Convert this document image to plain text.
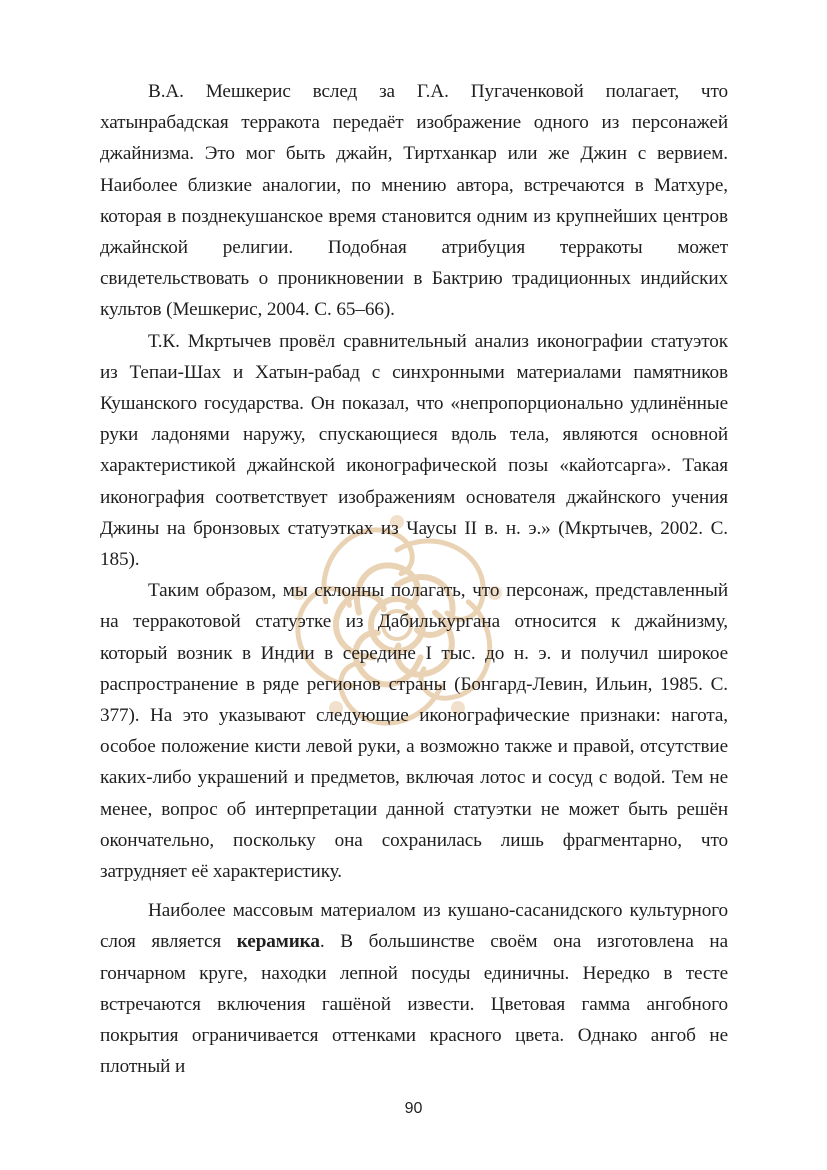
В.А. Мешкерис вслед за Г.А. Пугаченковой полагает, что хатынрабадская терракота передаёт изображение одного из персонажей джайнизма. Это мог быть джайн, Тиртханкар или же Джин с вервием. Наиболее близкие аналогии, по мнению автора, встречаются в Матхуре, которая в позднекушанское время становится одним из крупнейших центров джайнской религии. Подобная атрибуция терракоты может свидетельствовать о проникновении в Бактрию традиционных индийских культов (Мешкерис, 2004. С. 65–66).

Т.К. Мкртычев провёл сравнительный анализ иконографии статуэток из Тепаи-Шах и Хатын-рабад с синхронными материалами памятников Кушанского государства. Он показал, что «непропорционально удлинённые руки ладонями наружу, спускающиеся вдоль тела, являются основной характеристикой джайнской иконографической позы «кайотсарга». Такая иконография соответствует изображениям основателя джайнского учения Джины на бронзовых статуэтках из Чаусы II в. н. э.» (Мкртычев, 2002. С. 185).

Таким образом, мы склонны полагать, что персонаж, представленный на терракотовой статуэтке из Дабилькургана относится к джайнизму, который возник в Индии в середине I тыс. до н. э. и получил широкое распространение в ряде регионов страны (Бонгард-Левин, Ильин, 1985. С. 377). На это указывают следующие иконографические признаки: нагота, особое положение кисти левой руки, а возможно также и правой, отсутствие каких-либо украшений и предметов, включая лотос и сосуд с водой. Тем не менее, вопрос об интерпретации данной статуэтки не может быть решён окончательно, поскольку она сохранилась лишь фрагментарно, что затрудняет её характеристику.

Наиболее массовым материалом из кушано-сасанидского культурного слоя является керамика. В большинстве своём она изготовлена на гончарном круге, находки лепной посуды единичны. Нередко в тесте встречаются включения гашёной извести. Цветовая гамма ангобного покрытия ограничивается оттенками красного цвета. Однако ангоб не плотный и

90
